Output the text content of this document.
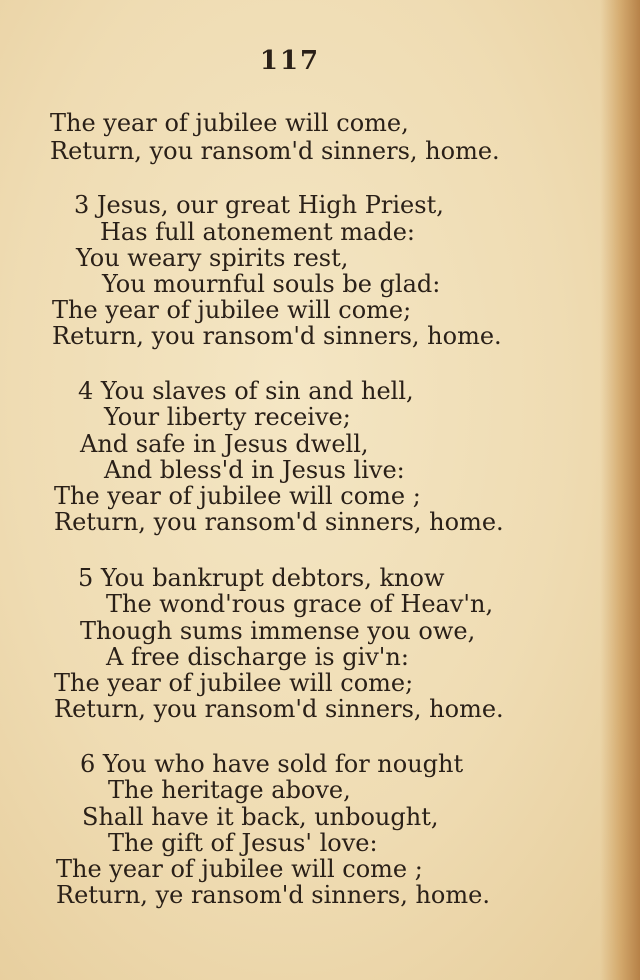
117
The year of jubilee will come,
Return, you ransom'd sinners, home.
3 Jesus, our great High Priest,
Has full atonement made:
You weary spirits rest,
You mournful souls be glad:
The year of jubilee will come;
Return, you ransom'd sinners, home.
4 You slaves of sin and hell,
Your liberty receive;
And safe in Jesus dwell,
And bless'd in Jesus live:
The year of jubilee will come ;
Return, you ransom'd sinners, home.
5 You bankrupt debtors, know
The wond'rous grace of Heav'n,
Though sums immense you owe,
A free discharge is giv'n:
The year of jubilee will come;
Return, you ransom'd sinners, home.
6 You who have sold for nought
The heritage above,
Shall have it back, unbought,
The gift of Jesus' love:
The year of jubilee will come ;
Return, ye ransom'd sinners, home.
